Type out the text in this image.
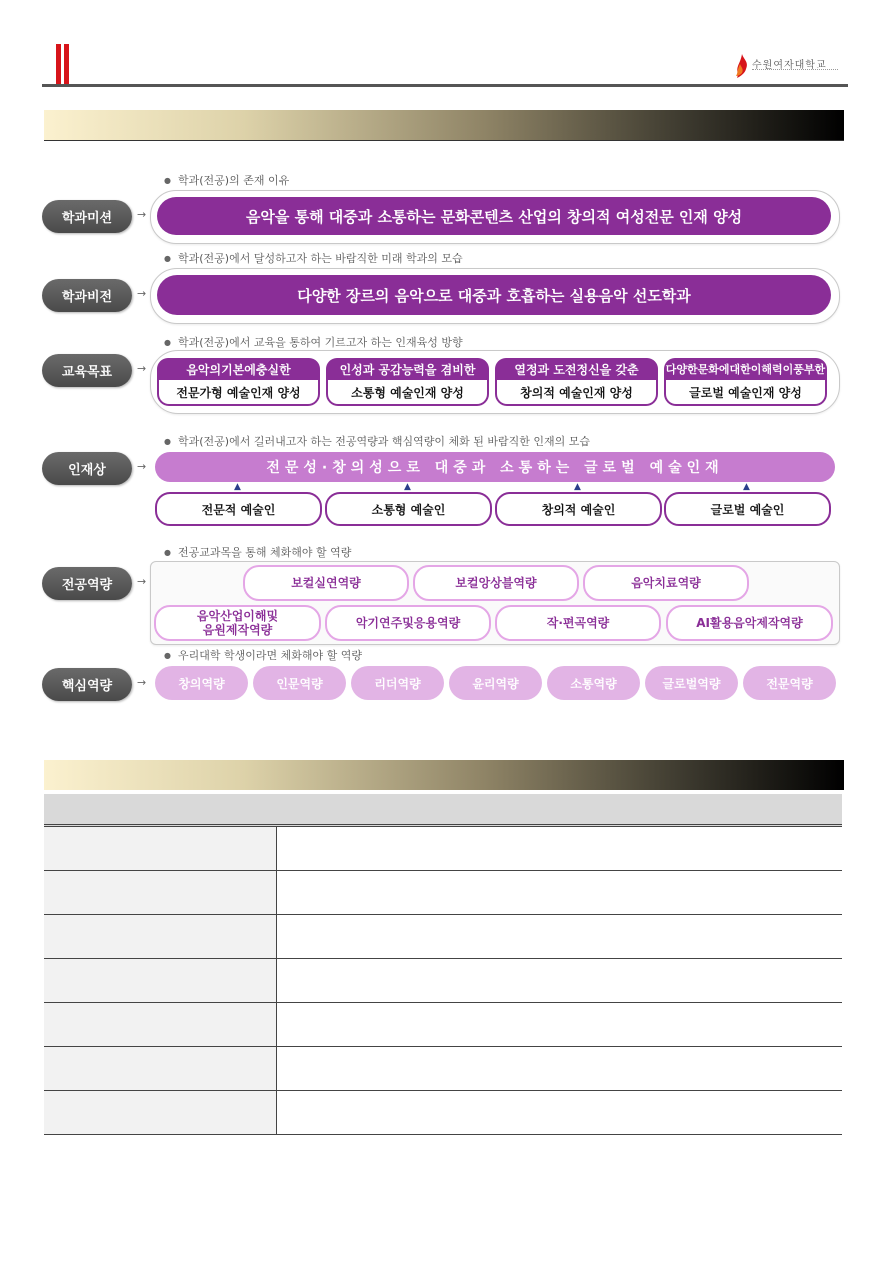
수원여자대학교
● 학과(전공)의 존재 이유
학과미션	→	음악을 통해 대중과 소통하는 문화콘텐츠 산업의 창의적 여성전문 인재 양성
● 학과(전공)에서 달성하고자 하는 바람직한 미래 학과의 모습
학과비전	→	다양한 장르의 음악으로 대중과 호흡하는 실용음악 선도학과
● 학과(전공)에서 교육을 통하여 기르고자 하는 인재육성 방향
교육목표	→	음악의기본에충실한
전문가형 예술인재 양성
인성과 공감능력을 겸비한
소통형 예술인재 양성
열정과 도전정신을 갖춘
창의적 예술인재 양성
다양한문화에대한이해력이풍부한
글로벌 예술인재 양성
● 학과(전공)에서 길러내고자 하는 전공역량과 핵심역량이 체화 된 바람직한 인재의 모습
인재상	→	전문성·창의성으로 대중과 소통하는 글로벌 예술인재
▲	▲	▲	▲
전문적 예술인	소통형 예술인	창의적 예술인	글로벌 예술인
● 전공교과목을 통해 체화해야 할 역량
전공역량	→	보컬실연역량	보컬앙상블역량	음악치료역량
음악산업이해및
음원제작역량	악기연주및응용역량	작·편곡역량	AI활용음악제작역량
● 우리대학 학생이라면 체화해야 할 역량
핵심역량	→	창의역량	인문역량	리더역량	윤리역량	소통역량	글로벌역량	전문역량
